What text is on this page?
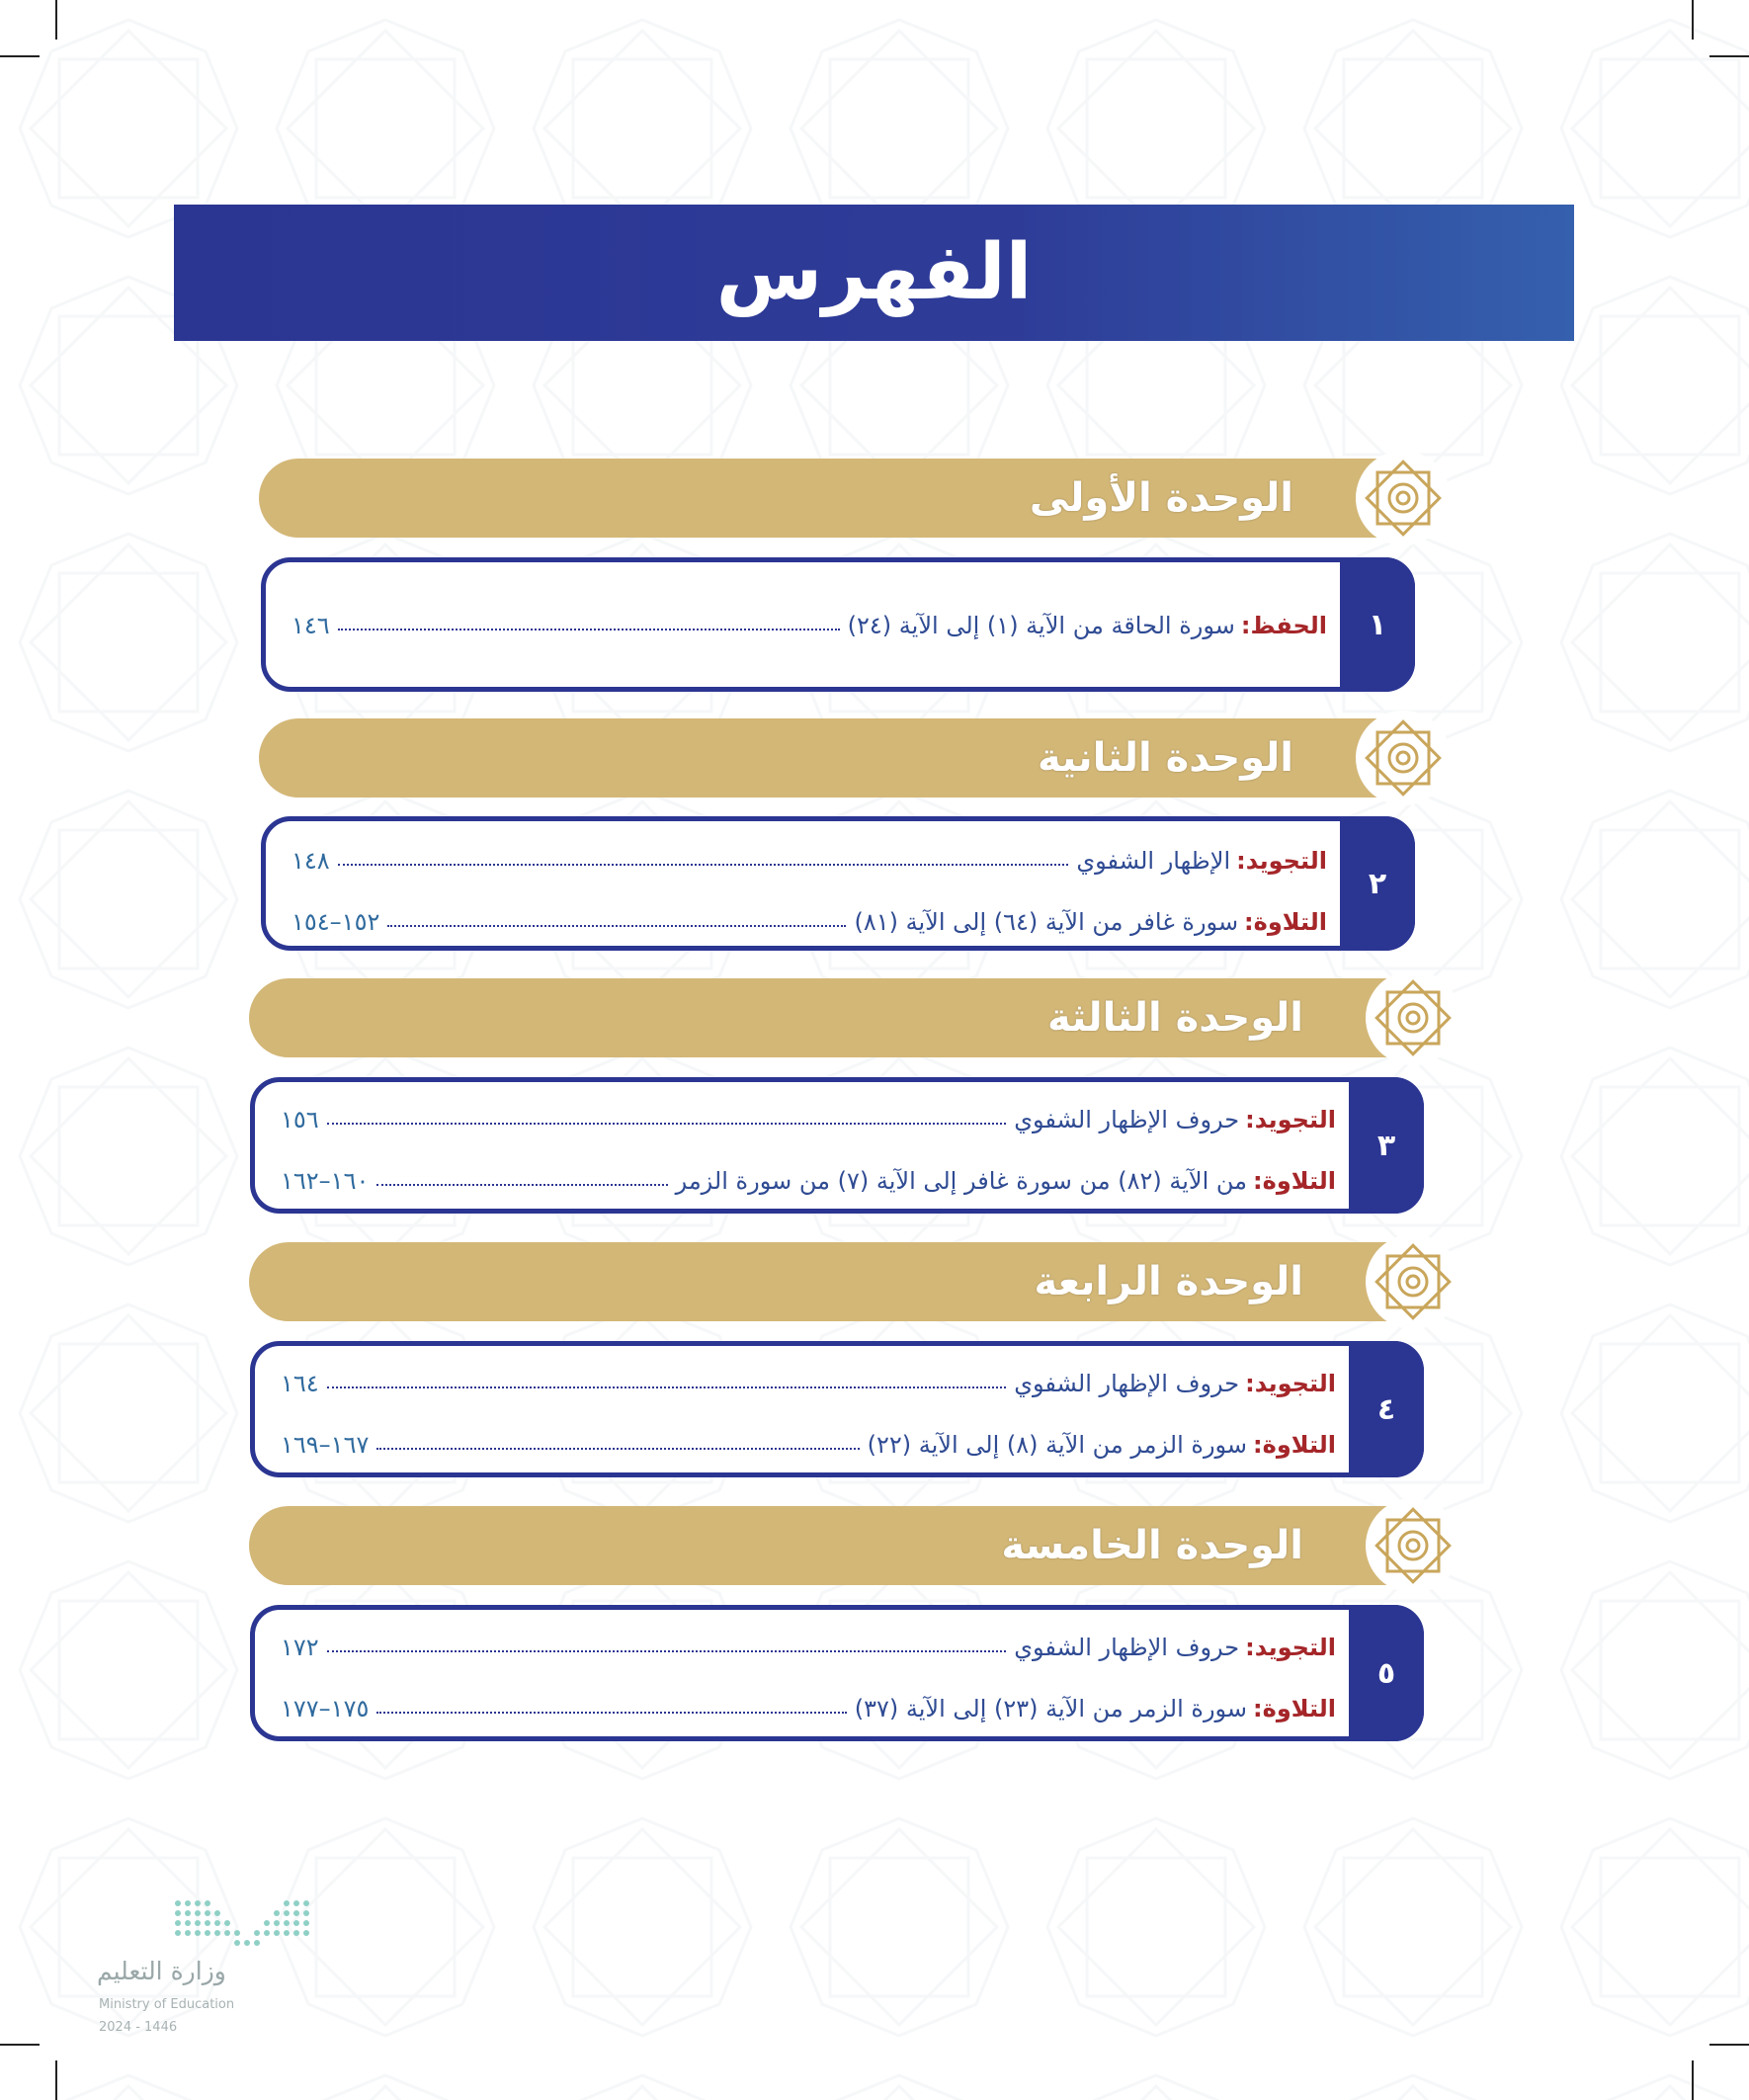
الفهرس
الوحدة الأولى
١
الحفظ:
سورة الحاقة من الآية (١) إلى الآية (٢٤)
١٤٦
الوحدة الثانية
٢
التجويد:
الإظهار الشفوي
١٤٨
التلاوة:
سورة غافر من الآية (٦٤) إلى الآية (٨١)
١٥٢–١٥٤
الوحدة الثالثة
٣
التجويد:
حروف الإظهار الشفوي
١٥٦
التلاوة:
من الآية (٨٢) من سورة غافر إلى الآية (٧) من سورة الزمر
١٦٠–١٦٢
الوحدة الرابعة
٤
التجويد:
حروف الإظهار الشفوي
١٦٤
التلاوة:
سورة الزمر من الآية (٨) إلى الآية (٢٢)
١٦٧–١٦٩
الوحدة الخامسة
٥
التجويد:
حروف الإظهار الشفوي
١٧٢
التلاوة:
سورة الزمر من الآية (٢٣) إلى الآية (٣٧)
١٧٥–١٧٧
وزارة التعليم
Ministry of Education
2024 - 1446
